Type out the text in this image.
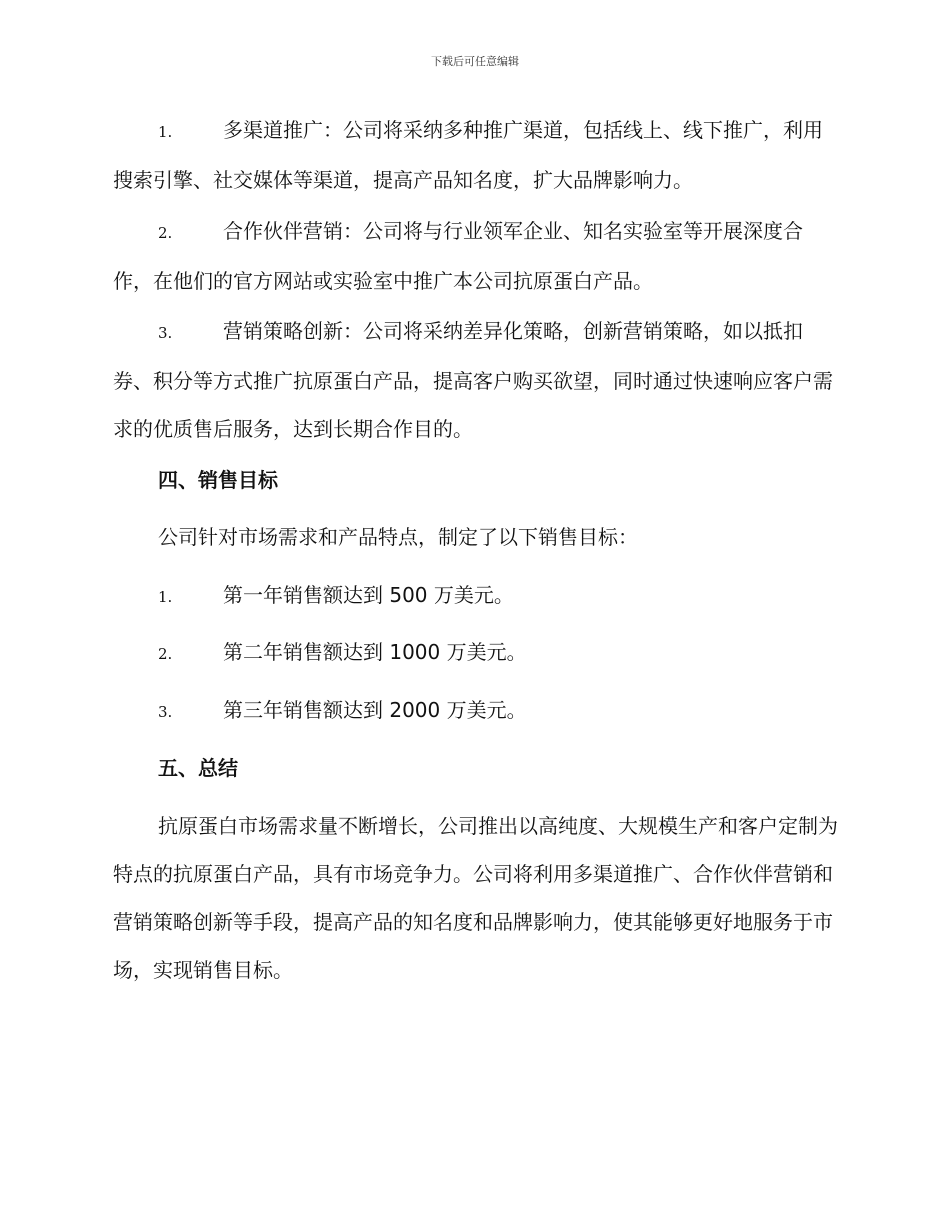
下载后可任意编辑
1.	多渠道推广：公司将采纳多种推广渠道，包括线上、线下推广，利用搜索引擎、社交媒体等渠道，提高产品知名度，扩大品牌影响力。
2.	合作伙伴营销：公司将与行业领军企业、知名实验室等开展深度合作，在他们的官方网站或实验室中推广本公司抗原蛋白产品。
3.	营销策略创新：公司将采纳差异化策略，创新营销策略，如以抵扣券、积分等方式推广抗原蛋白产品，提高客户购买欲望，同时通过快速响应客户需求的优质售后服务，达到长期合作目的。
四、销售目标
公司针对市场需求和产品特点，制定了以下销售目标：
1.	第一年销售额达到 500 万美元。
2.	第二年销售额达到 1000 万美元。
3.	第三年销售额达到 2000 万美元。
五、总结
抗原蛋白市场需求量不断增长，公司推出以高纯度、大规模生产和客户定制为特点的抗原蛋白产品，具有市场竞争力。公司将利用多渠道推广、合作伙伴营销和营销策略创新等手段，提高产品的知名度和品牌影响力，使其能够更好地服务于市场，实现销售目标。
